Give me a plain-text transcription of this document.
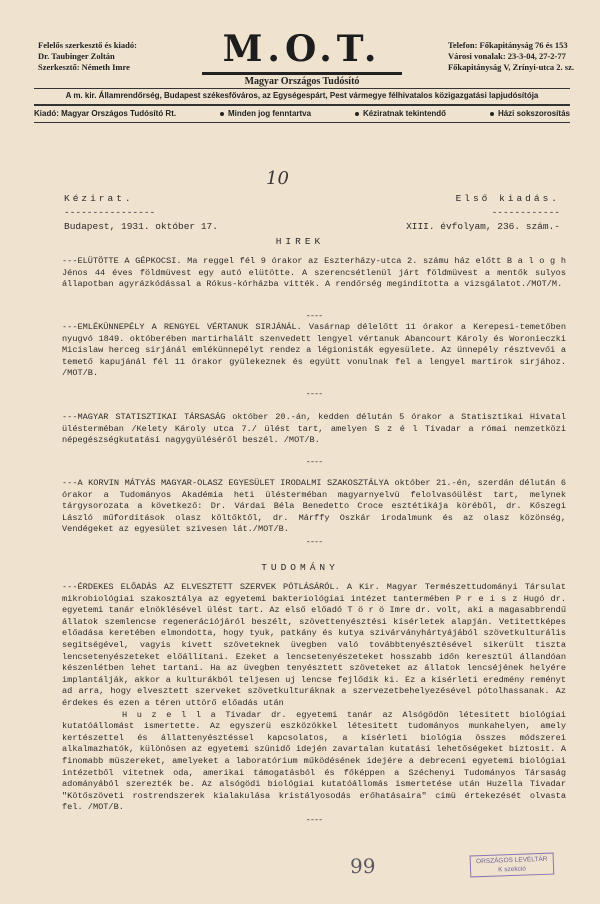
Felelős szerkesztő és kiadó:
Dr. Taubinger Zoltán
Szerkesztő: Németh Imre	M.O.T.	Telefon: Főkapitányság 76 és 153
Városi vonalak: 23-3-04, 27-2-77
Főkapitányság V, Zrínyi-utca 2. sz.
Magyar Országos Tudósító
A m. kir. Államrendőrség, Budapest székesfőváros, az Egységespárt, Pest vármegye félhivatalos közigazgatási lapjudósítója
Kiadó: Magyar Országos Tudósító Rt.	Minden jog fenntartva	Kéziratnak tekintendő	Házi sokszorosítás
10
Kézirat.	Első kiadás.
----------------	------------
Budapest, 1931. október 17.	XIII. évfolyam, 236. szám.-
HIREK

---ELÜTÖTTE A GÉPKOCSI. Ma reggel fél 9 órakor az Eszterházy-utca 2. számu ház előtt B a l o g h Jénos 44 éves földmüvest egy autó elütötte. A szerencsétlenül járt földmüvest a mentők sulyos állapotban agyrázkódással a Rókus-kórházba vitték. A rendőrség megindította a vizsgálatot./MOT/M.

----

---EMLÉKÜNNEPÉLY A RENGYEL VÉRTANUK SIRJÁNÁL. Vasárnap délelőtt 11 órakor a Kerepesi-temetőben nyugvó 1849. októberében martirhalált szenvedett lengyel vértanuk Abancourt Károly és Woronieczki Micislaw herceg sirjánál emlékünnepélyt rendez a légionisták egyesülete. Az ünnepély résztvevői a temető kapujánál fél 11 órakor gyülekeznek és együtt vonulnak fel a lengyel martirok sirjához. /MOT/B.

----

---MAGYAR STATISZTIKAI TÁRSASÁG október 20.-án, kedden délután 5 órakor a Statisztikai Hivatal ülésterméban /Kelety Károly utca 7./ ülést tart, amelyen S z é l Tivadar a római nemzetközi népegészségkutatási nagygyüléséről beszél. /MOT/B.

----

---A KORVIN MÁTYÁS MAGYAR-OLASZ EGYESÜLET IRODALMI SZAKOSZTÁLYA október 21.-én, szerdán délután 6 órakor a Tudományos Akadémia heti ülésterméban magyarnyelvü felolvasóülést tart, melynek tárgysorozata a következő: Dr. Várdai Béla Benedetto Croce esztétikája köréből, dr. Kőszegi László műfordítások olasz költőktől, dr. Márffy Oszkár irodalmunk és az olasz közönség, Vendégeket az egyesület szivesen lát./MOT/B.

----
TUDOMÁNY

---ÉRDEKES ELŐADÁS AZ ELVESZTETT SZERVEK PÓTLÁSÁRÓL. A Kir. Magyar Természettudományi Társulat mikrobiológiai szakosztálya az egyetemi bakteriológiai intézet tantermében P r e i s z Hugó dr. egyetemi tanár elnöklésével ülést tart. Az első előadó T ö r ö Imre dr. volt, aki a magasabbrendű állatok szemlencse regenerációjáról beszélt, szövettenyésztési kísérletek alapján. Vetitettképes előadása keretében elmondotta, hogy tyuk, patkány és kutya szivárványhártyájából szövetkulturális segitségével, vagyis kivett szöveteknek üvegben való továbbtenyésztésével sikerült tiszta lencsetenyészeteket előállítani. Ezeket a lencsetenyészeteket hosszabb időn keresztül állandóan készenlétben lehet tartani. Ha az üvegben tenyésztett szöveteket az állatok lencséjének helyére implantálják, akkor a kulturákból teljesen uj lencse fejlődik ki. Ez a kísérleti eredmény reményt ad arra, hogy elvesztett szerveket szövetkulturáknak a szervezetbehelyezésével pótolhassanak. Az érdekes és ezen a téren uttörő előadás után

H u z e l l a Tivadar dr. egyetemi tanár az Alsógödön létesitett biológiai kutatóállomást ismertette. Az egyszerü eszközökkel létesitett tudományos munkahelyen, amely kertészettel és állattenyésztéssel kapcsolatos, a kísérleti biológia összes módszerei alkalmazhatók, különösen az egyetemi szünidő idején zavartalan kutatási lehetőségeket biztosit. A finomabb müszereket, amelyeket a laboratórium működésének idejére a debreceni egyetemi biológiai intézetből vitetnek oda, amerikai támogatásból és főképpen a Széchenyi Tudományos Társaság adományából szerezték be. Az alsógödi biológiai kutatóállomás ismertetése után Huzella Tivadar "Kötőszöveti rostrendszerek kialakulása kristályosodás erőhatásaira" cimü értekezését olvasta fel. /MOT/B.

----
99	ORSZÁGOS LEVÉLTÁR
K szekció
